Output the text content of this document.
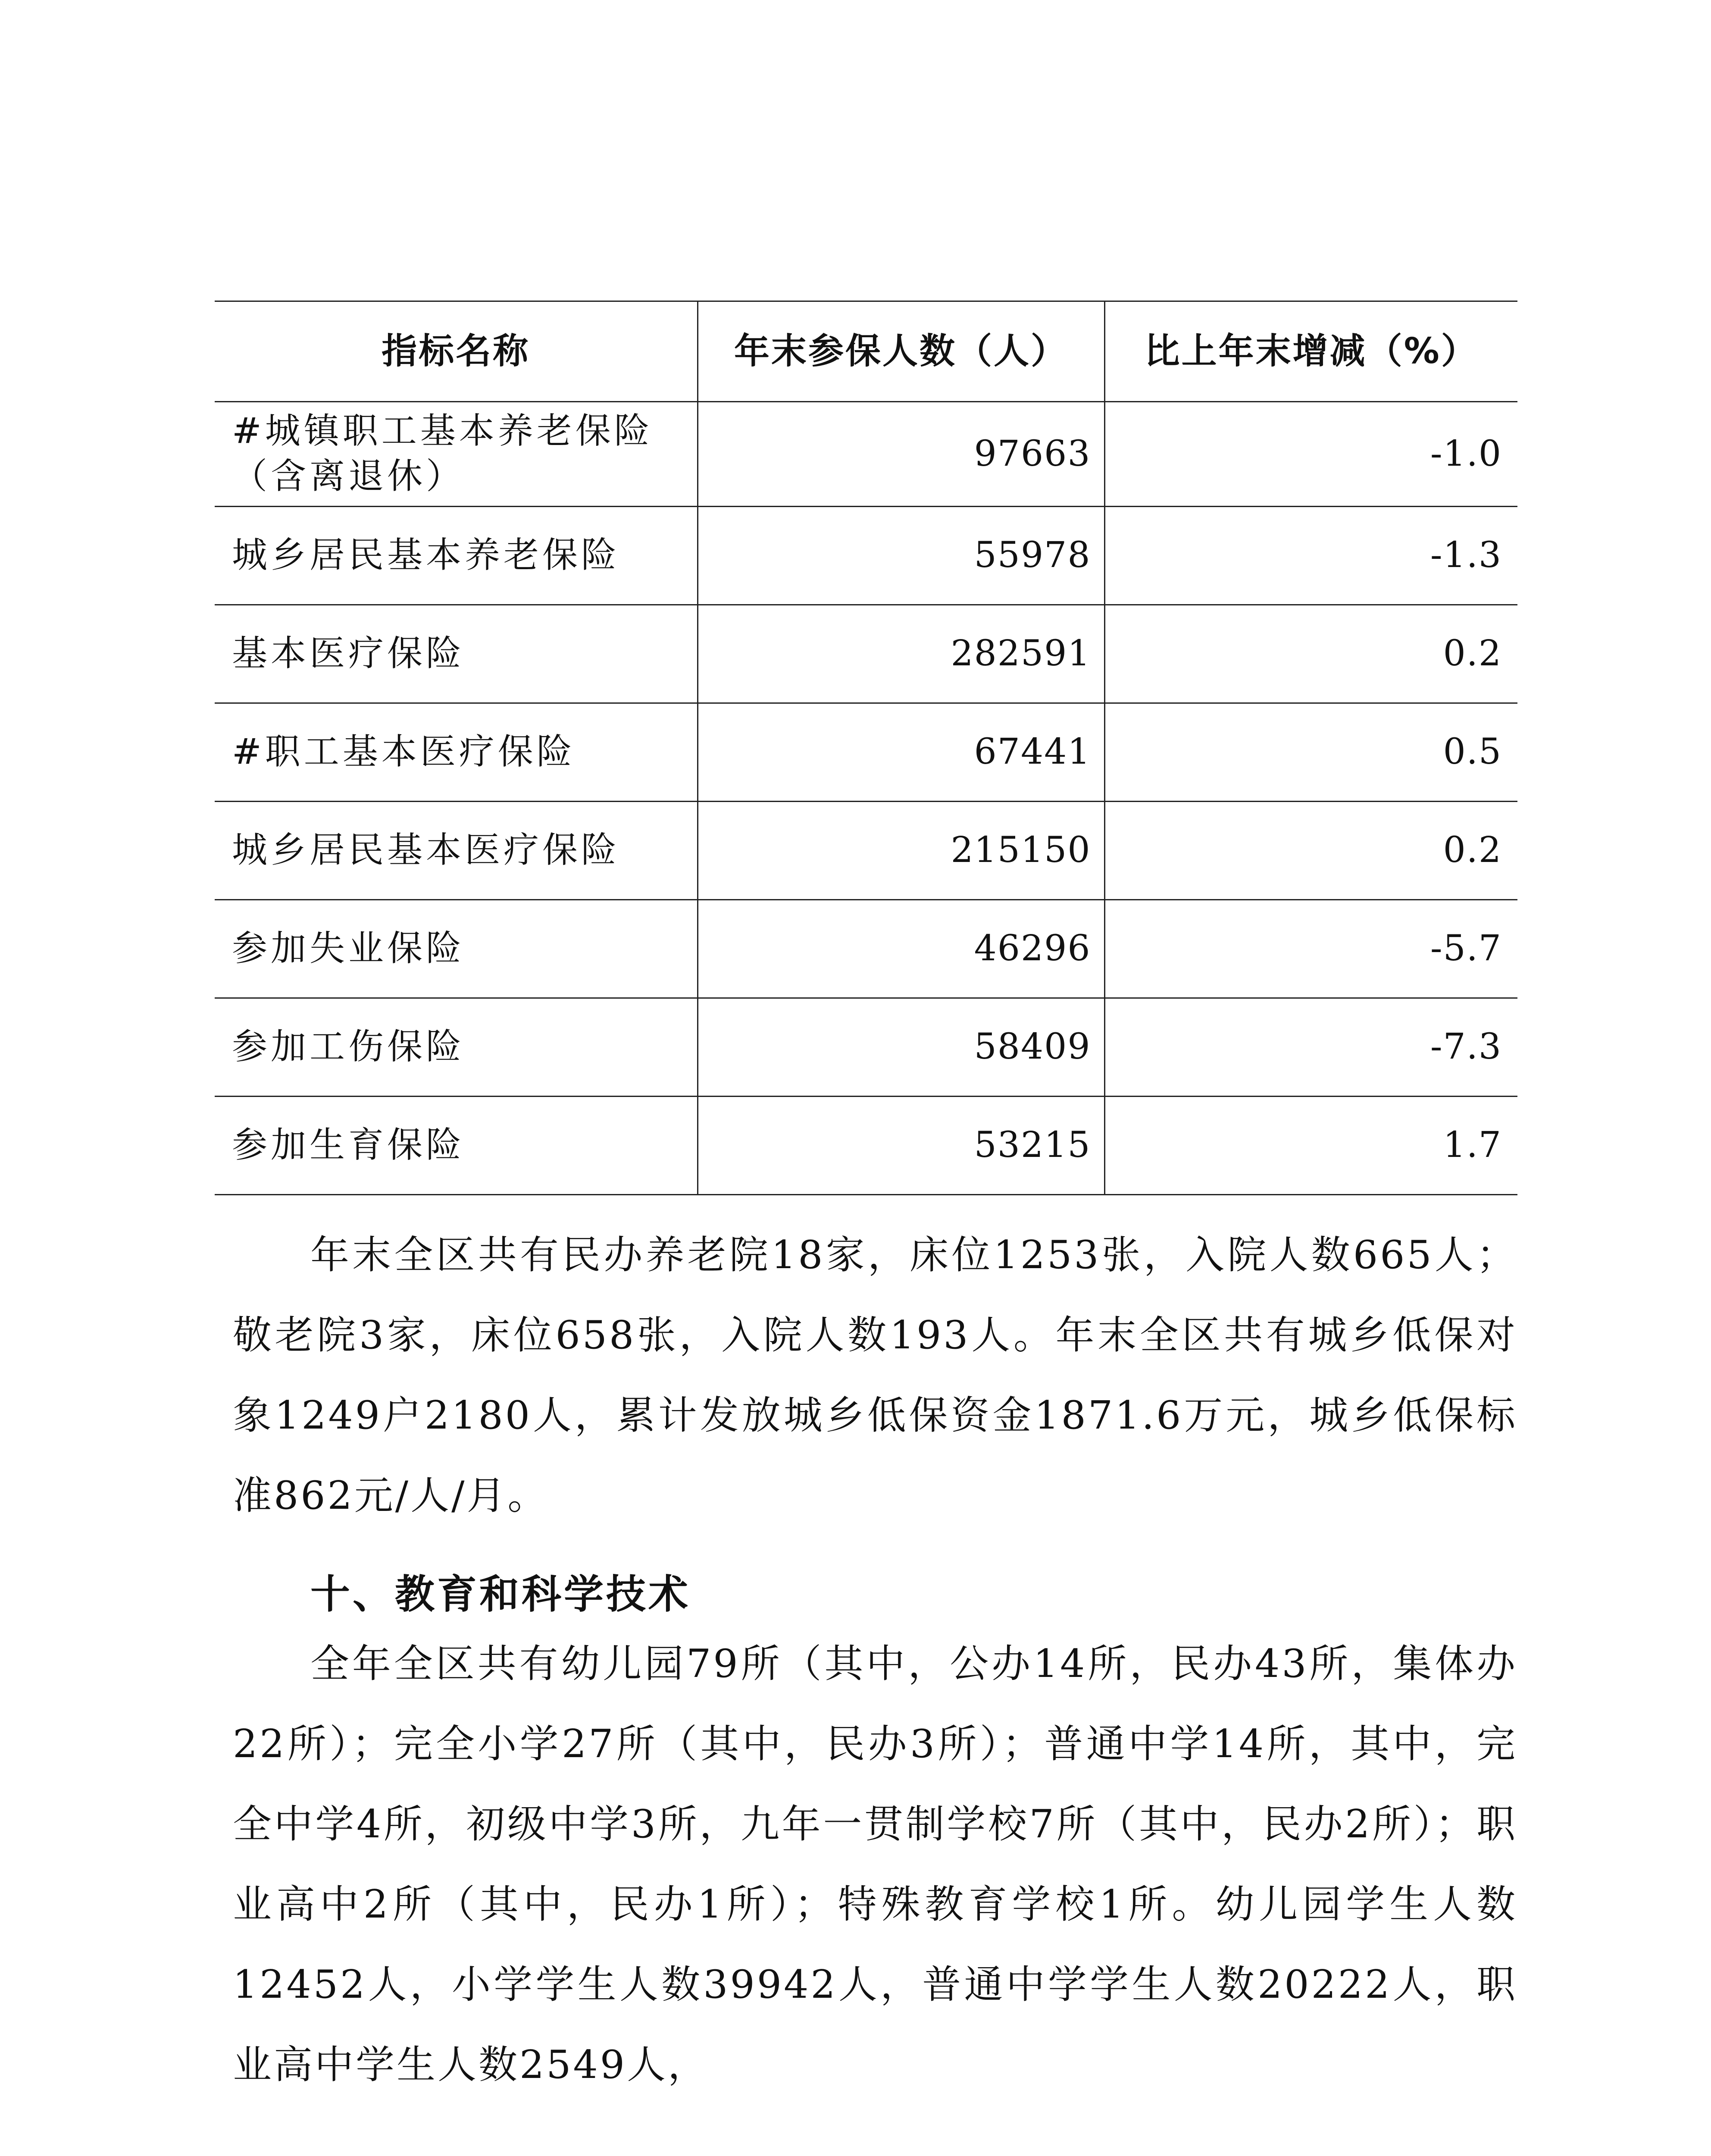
指标名称	年末参保人数（人）	比上年末增减（%）
#城镇职工基本养老保险（含离退休）	97663	-1.0
城乡居民基本养老保险	55978	-1.3
基本医疗保险	282591	0.2
#职工基本医疗保险	67441	0.5
城乡居民基本医疗保险	215150	0.2
参加失业保险	46296	-5.7
参加工伤保险	58409	-7.3
参加生育保险	53215	1.7

年末全区共有民办养老院18家，床位1253张，入院人数665人；敬老院3家，床位658张，入院人数193人。年末全区共有城乡低保对象1249户2180人，累计发放城乡低保资金1871.6万元，城乡低保标准862元/人/月。

十、教育和科学技术

全年全区共有幼儿园79所（其中，公办14所，民办43所，集体办22所）；完全小学27所（其中，民办3所）；普通中学14所，其中，完全中学4所，初级中学3所，九年一贯制学校7所（其中，民办2所）；职业高中2所（其中，民办1所）；特殊教育学校1所。幼儿园学生人数12452人，小学学生人数39942人，普通中学学生人数20222人，职业高中学生人数2549人，
